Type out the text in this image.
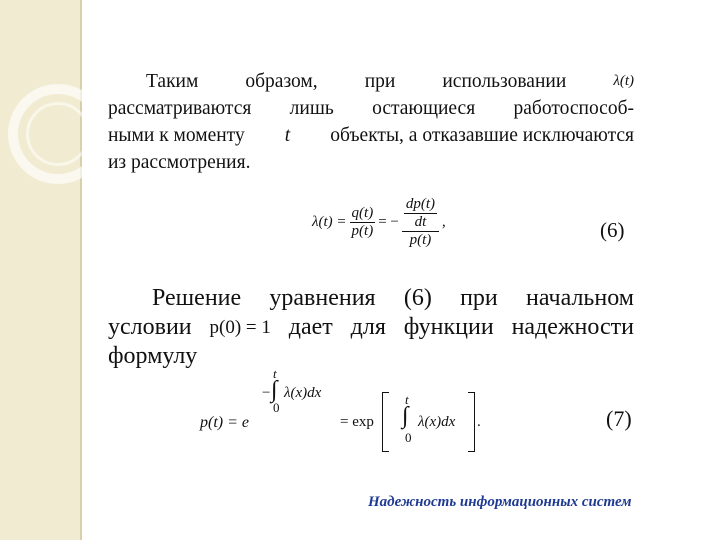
Таким образом, при использовании	λ(t)
рассматриваются лишь остающиеся работоспособ-
ными к моменту t объекты, а отказавшие исключаются
из рассмотрения.
$\lambda(t) = \frac{q(t)}{p(t)}$ = − $\frac{\frac{dp(t)}{dt}}{p(t)}$ ,	(6)
Решение уравнения (6) при начальном
условии p(0) = 1 дает для функции надежности
формулу
p(t) = e
− ∫
t
0
λ(x)dx
= exp
t
∫
0
λ(x)dx .	(7)
Надежность информационных систем
